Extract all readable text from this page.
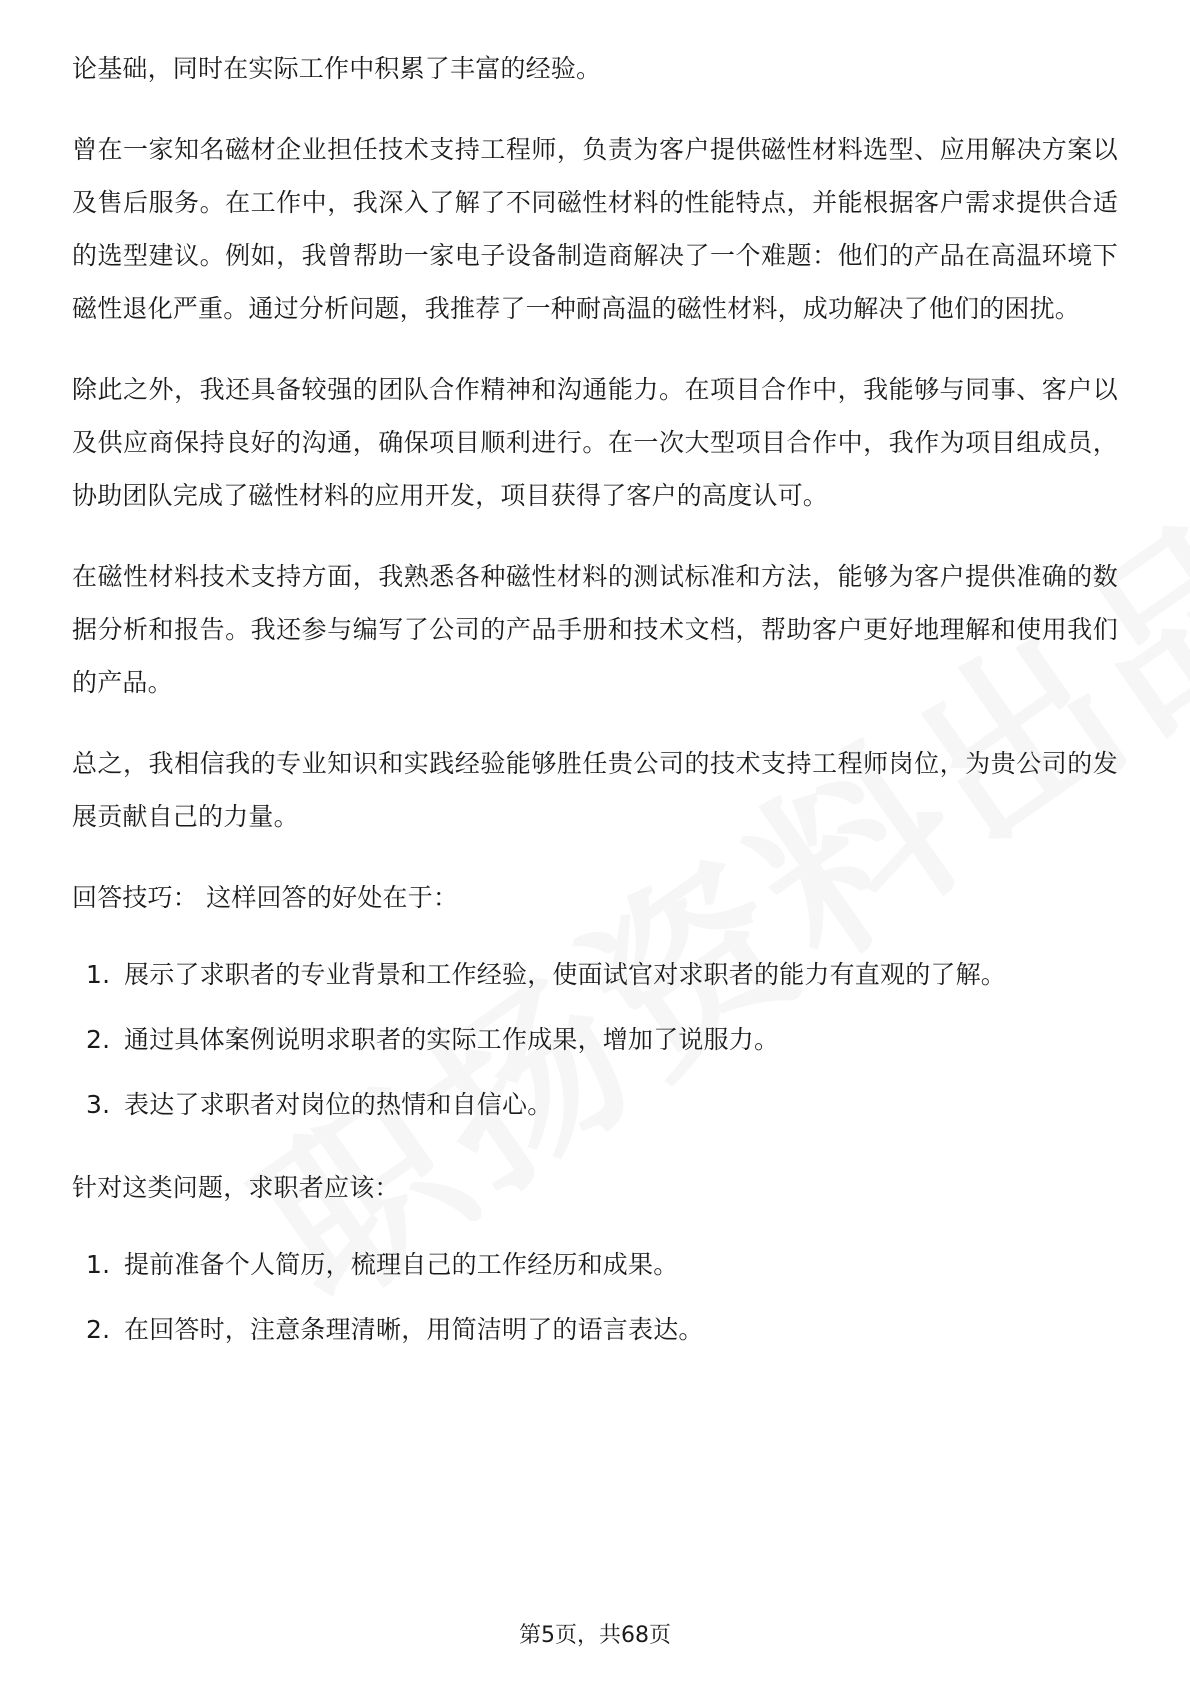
论基础，同时在实际工作中积累了丰富的经验。

曾在一家知名磁材企业担任技术支持工程师，负责为客户提供磁性材料选型、应用解决方案以及售后服务。在工作中，我深入了解了不同磁性材料的性能特点，并能根据客户需求提供合适的选型建议。例如，我曾帮助一家电子设备制造商解决了一个难题：他们的产品在高温环境下磁性退化严重。通过分析问题，我推荐了一种耐高温的磁性材料，成功解决了他们的困扰。

除此之外，我还具备较强的团队合作精神和沟通能力。在项目合作中，我能够与同事、客户以及供应商保持良好的沟通，确保项目顺利进行。在一次大型项目合作中，我作为项目组成员，协助团队完成了磁性材料的应用开发，项目获得了客户的高度认可。

在磁性材料技术支持方面，我熟悉各种磁性材料的测试标准和方法，能够为客户提供准确的数据分析和报告。我还参与编写了公司的产品手册和技术文档，帮助客户更好地理解和使用我们的产品。

总之，我相信我的专业知识和实践经验能够胜任贵公司的技术支持工程师岗位，为贵公司的发展贡献自己的力量。

回答技巧： 这样回答的好处在于：

1. 展示了求职者的专业背景和工作经验，使面试官对求职者的能力有直观的了解。
2. 通过具体案例说明求职者的实际工作成果，增加了说服力。
3. 表达了求职者对岗位的热情和自信心。

针对这类问题，求职者应该：

1. 提前准备个人简历，梳理自己的工作经历和成果。
2. 在回答时，注意条理清晰，用简洁明了的语言表达。
第5页，共68页
